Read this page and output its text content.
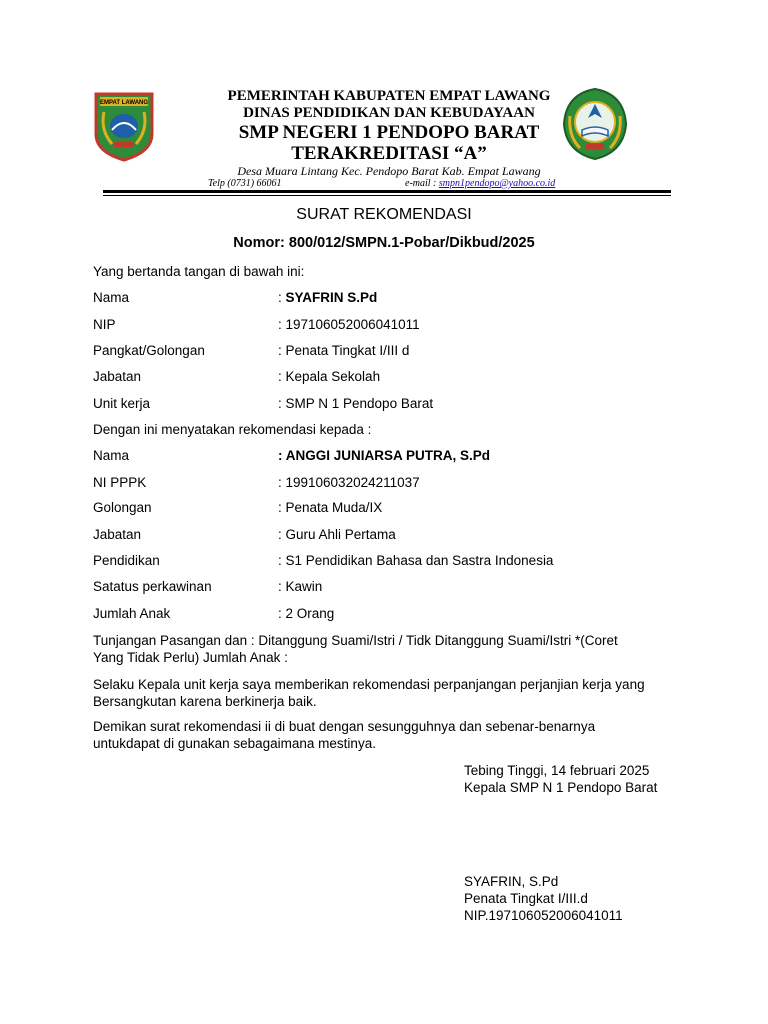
EMPAT LAWANG	PEMERINTAH KABUPATEN EMPAT LAWANG
DINAS PENDIDIKAN DAN KEBUDAYAAN
SMP NEGERI 1 PENDOPO BARAT
TERAKREDITASI “A”
Desa Muara Lintang Kec. Pendopo Barat Kab. Empat Lawang
Telp (0731) 66061	e-mail : smpn1pendopo@yahoo.co.id
SURAT REKOMENDASI
Nomor: 800/012/SMPN.1-Pobar/Dikbud/2025
Yang bertanda tangan di bawah ini:
Nama	: SYAFRIN S.Pd
NIP	: 197106052006041011
Pangkat/Golongan	: Penata Tingkat I/III d
Jabatan	: Kepala Sekolah
Unit kerja	: SMP N 1 Pendopo Barat
Dengan ini menyatakan rekomendasi kepada :
Nama	: ANGGI JUNIARSA PUTRA, S.Pd
NI PPPK	: 199106032024211037
Golongan	: Penata Muda/IX
Jabatan	: Guru Ahli Pertama
Pendidikan	: S1 Pendidikan Bahasa dan Sastra Indonesia
Satatus perkawinan	: Kawin
Jumlah Anak	: 2 Orang
Tunjangan Pasangan dan : Ditanggung Suami/Istri / Tidk Ditanggung Suami/Istri *(Coret
Yang Tidak Perlu) Jumlah Anak :
Selaku Kepala unit kerja saya memberikan rekomendasi perpanjangan perjanjian kerja yang
Bersangkutan karena berkinerja baik.
Demikan surat rekomendasi ii di buat dengan sesungguhnya dan sebenar-benarnya
untukdapat di gunakan sebagaimana mestinya.
Tebing Tinggi, 14 februari 2025
Kepala SMP N 1 Pendopo Barat
SYAFRIN, S.Pd
Penata Tingkat I/III.d
NIP.197106052006041011
